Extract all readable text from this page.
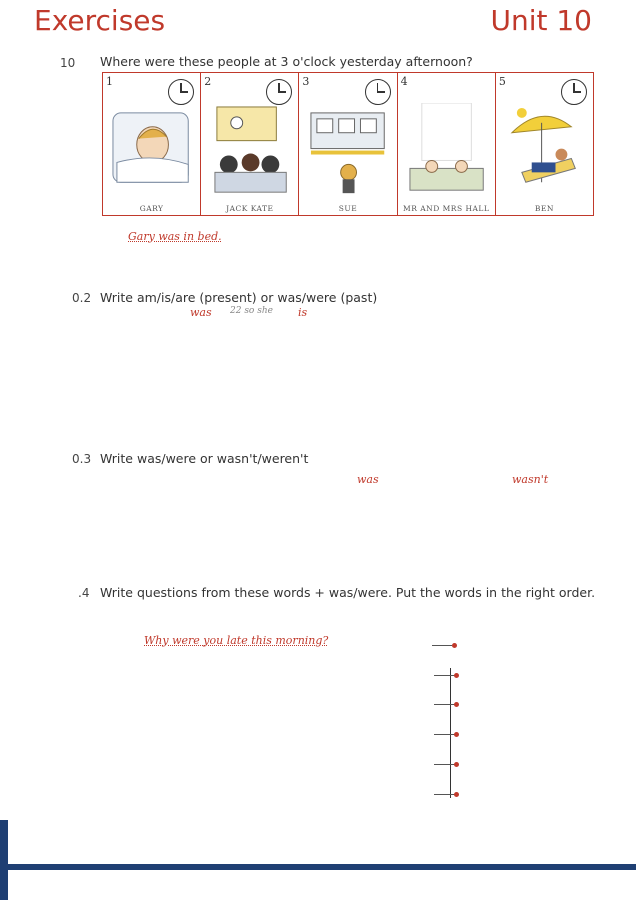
Exercises	Unit 10
10 Where were these people at 3 o'clock yesterday afternoon?
1
GARY
2
JACK KATE
3
SUE
4
MR AND MRS HALL
5
BEN
Gary was in bed.
0.2 Write am/is/are (present) or was/were (past)
was 22 so she is
0.3 Write was/were or wasn't/weren't
was	wasn't
.4 Write questions from these words + was/were. Put the words in the right order.
Why were you late this morning?
